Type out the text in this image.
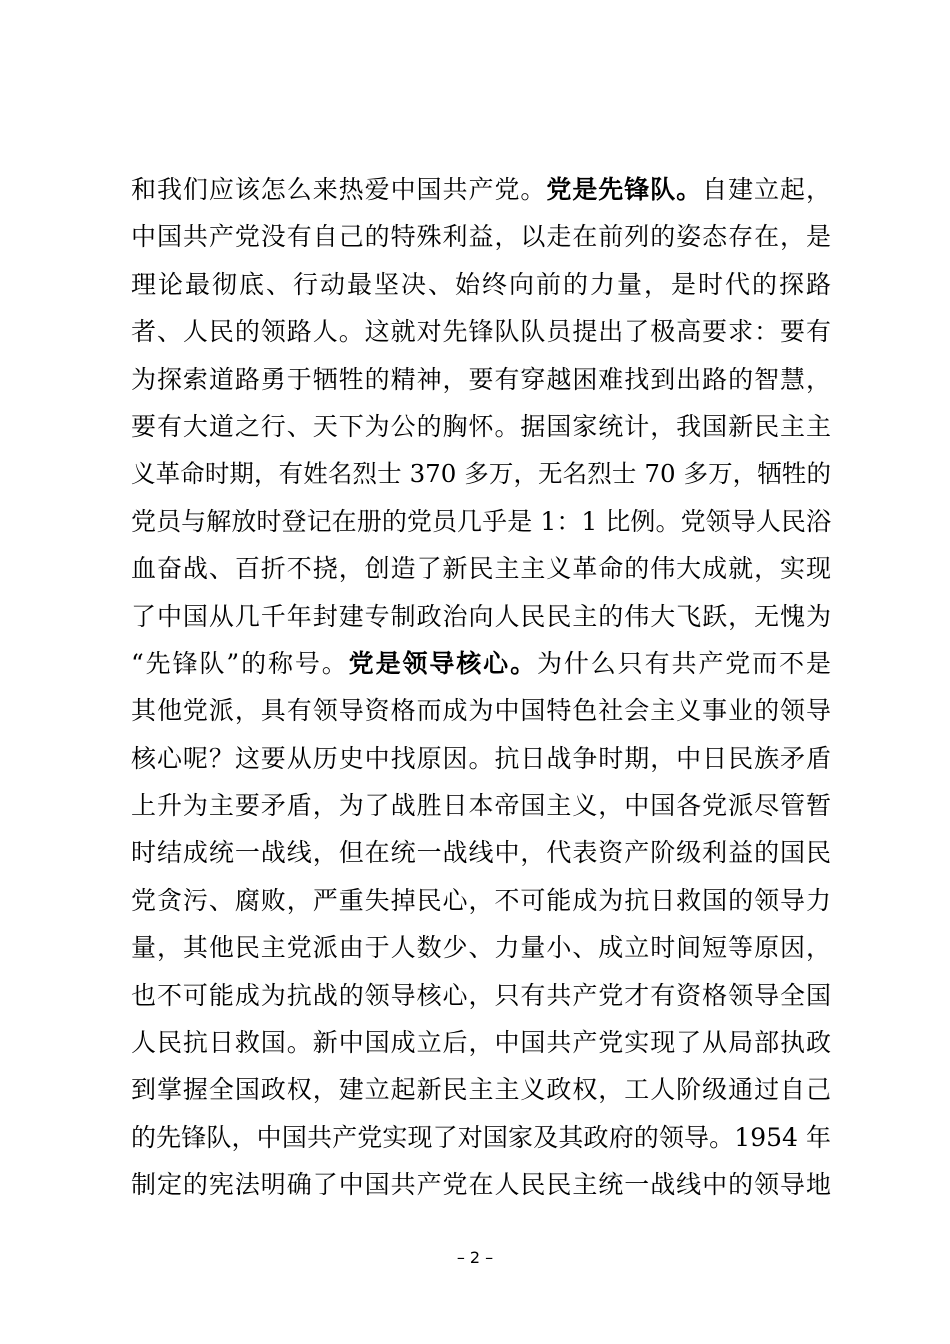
和我们应该怎么来热爱中国共产党。党是先锋队。自建立起，
中国共产党没有自己的特殊利益，以走在前列的姿态存在，是
理论最彻底、行动最坚决、始终向前的力量，是时代的探路
者、人民的领路人。这就对先锋队队员提出了极高要求：要有
为探索道路勇于牺牲的精神，要有穿越困难找到出路的智慧，
要有大道之行、天下为公的胸怀。据国家统计，我国新民主主
义革命时期，有姓名烈士 370 多万，无名烈士 70 多万，牺牲的
党员与解放时登记在册的党员几乎是 1：1 比例。党领导人民浴
血奋战、百折不挠，创造了新民主主义革命的伟大成就，实现
了中国从几千年封建专制政治向人民民主的伟大飞跃，无愧为
“先锋队”的称号。党是领导核心。为什么只有共产党而不是
其他党派，具有领导资格而成为中国特色社会主义事业的领导
核心呢？这要从历史中找原因。抗日战争时期，中日民族矛盾
上升为主要矛盾，为了战胜日本帝国主义，中国各党派尽管暂
时结成统一战线，但在统一战线中，代表资产阶级利益的国民
党贪污、腐败，严重失掉民心，不可能成为抗日救国的领导力
量，其他民主党派由于人数少、力量小、成立时间短等原因，
也不可能成为抗战的领导核心，只有共产党才有资格领导全国
人民抗日救国。新中国成立后，中国共产党实现了从局部执政
到掌握全国政权，建立起新民主主义政权，工人阶级通过自己
的先锋队，中国共产党实现了对国家及其政府的领导。1954 年
制定的宪法明确了中国共产党在人民民主统一战线中的领导地
– 2 –
